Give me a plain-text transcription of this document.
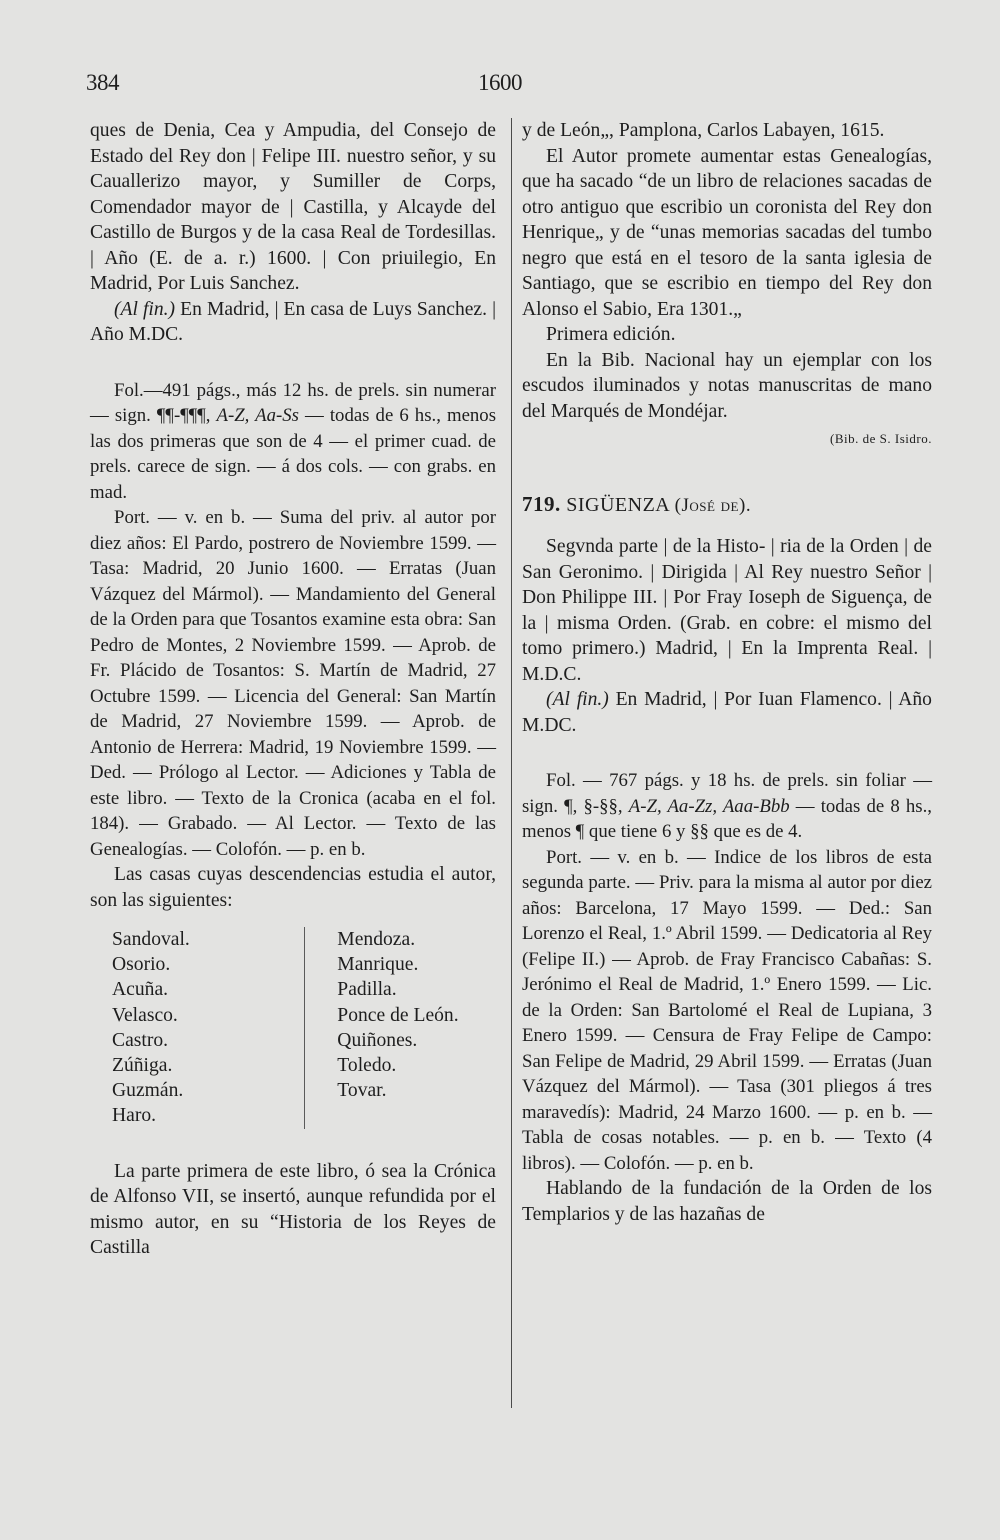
384	1600

ques de Denia, Cea y Ampudia, del Consejo de Estado del Rey don | Felipe III. nuestro señor, y su Cauallerizo mayor, y Sumiller de Corps, Comendador mayor de | Castilla, y Alcayde del Castillo de Burgos y de la casa Real de Tordesillas. | Año (E. de a. r.) 1600. | Con priuilegio, En Madrid, Por Luis Sanchez.

(Al fin.) En Madrid, | En casa de Luys Sanchez. | Año M.DC.

Fol.—491 págs., más 12 hs. de prels. sin numerar — sign. ¶¶-¶¶¶, A-Z, Aa-Ss — todas de 6 hs., menos las dos primeras que son de 4 — el primer cuad. de prels. carece de sign. — á dos cols. — con grabs. en mad.

Port. — v. en b. — Suma del priv. al autor por diez años: El Pardo, postrero de Noviembre 1599. — Tasa: Madrid, 20 Junio 1600. — Erratas (Juan Vázquez del Mármol). — Mandamiento del General de la Orden para que Tosantos examine esta obra: San Pedro de Montes, 2 Noviembre 1599. — Aprob. de Fr. Plácido de Tosantos: S. Martín de Madrid, 27 Octubre 1599. — Licencia del General: San Martín de Madrid, 27 Noviembre 1599. — Aprob. de Antonio de Herrera: Madrid, 19 Noviembre 1599. — Ded. — Prólogo al Lector. — Adiciones y Tabla de este libro. — Texto de la Cronica (acaba en el fol. 184). — Grabado. — Al Lector. — Texto de las Genealogías. — Colofón. — p. en b.

Las casas cuyas descendencias estudia el autor, son las siguientes:

Sandoval.
Osorio.
Acuña.
Velasco.
Castro.
Zúñiga.
Guzmán.
Haro.
Mendoza.
Manrique.
Padilla.
Ponce de León.
Quiñones.
Toledo.
Tovar.

La parte primera de este libro, ó sea la Crónica de Alfonso VII, se insertó, aunque refundida por el mismo autor, en su “Historia de los Reyes de Castilla

y de León„, Pamplona, Carlos Labayen, 1615.

El Autor promete aumentar estas Genealogías, que ha sacado “de un libro de relaciones sacadas de otro antiguo que escribio un coronista del Rey don Henrique„ y de “unas memorias sacadas del tumbo negro que está en el tesoro de la santa iglesia de Santiago, que se escribio en tiempo del Rey don Alonso el Sabio, Era 1301.„

Primera edición.

En la Bib. Nacional hay un ejemplar con los escudos iluminados y notas manuscritas de mano del Marqués de Mondéjar.

(Bib. de S. Isidro.

719. SIGÜENZA (José de).

Segvnda parte | de la Histo- | ria de la Orden | de San Geronimo. | Dirigida | Al Rey nuestro Señor | Don Philippe III. | Por Fray Ioseph de Siguença, de la | misma Orden. (Grab. en cobre: el mismo del tomo primero.) Madrid, | En la Imprenta Real. | M.D.C.

(Al fin.) En Madrid, | Por Iuan Flamenco. | Año M.DC.

Fol. — 767 págs. y 18 hs. de prels. sin foliar — sign. ¶, §-§§, A-Z, Aa-Zz, Aaa-Bbb — todas de 8 hs., menos ¶ que tiene 6 y §§ que es de 4.

Port. — v. en b. — Indice de los libros de esta segunda parte. — Priv. para la misma al autor por diez años: Barcelona, 17 Mayo 1599. — Ded.: San Lorenzo el Real, 1.º Abril 1599. — Dedicatoria al Rey (Felipe II.) — Aprob. de Fray Francisco Cabañas: S. Jerónimo el Real de Madrid, 1.º Enero 1599. — Lic. de la Orden: San Bartolomé el Real de Lupiana, 3 Enero 1599. — Censura de Fray Felipe de Campo: San Felipe de Madrid, 29 Abril 1599. — Erratas (Juan Vázquez del Mármol). — Tasa (301 pliegos á tres maravedís): Madrid, 24 Marzo 1600. — p. en b. — Tabla de cosas notables. — p. en b. — Texto (4 libros). — Colofón. — p. en b.

Hablando de la fundación de la Orden de los Templarios y de las hazañas de
